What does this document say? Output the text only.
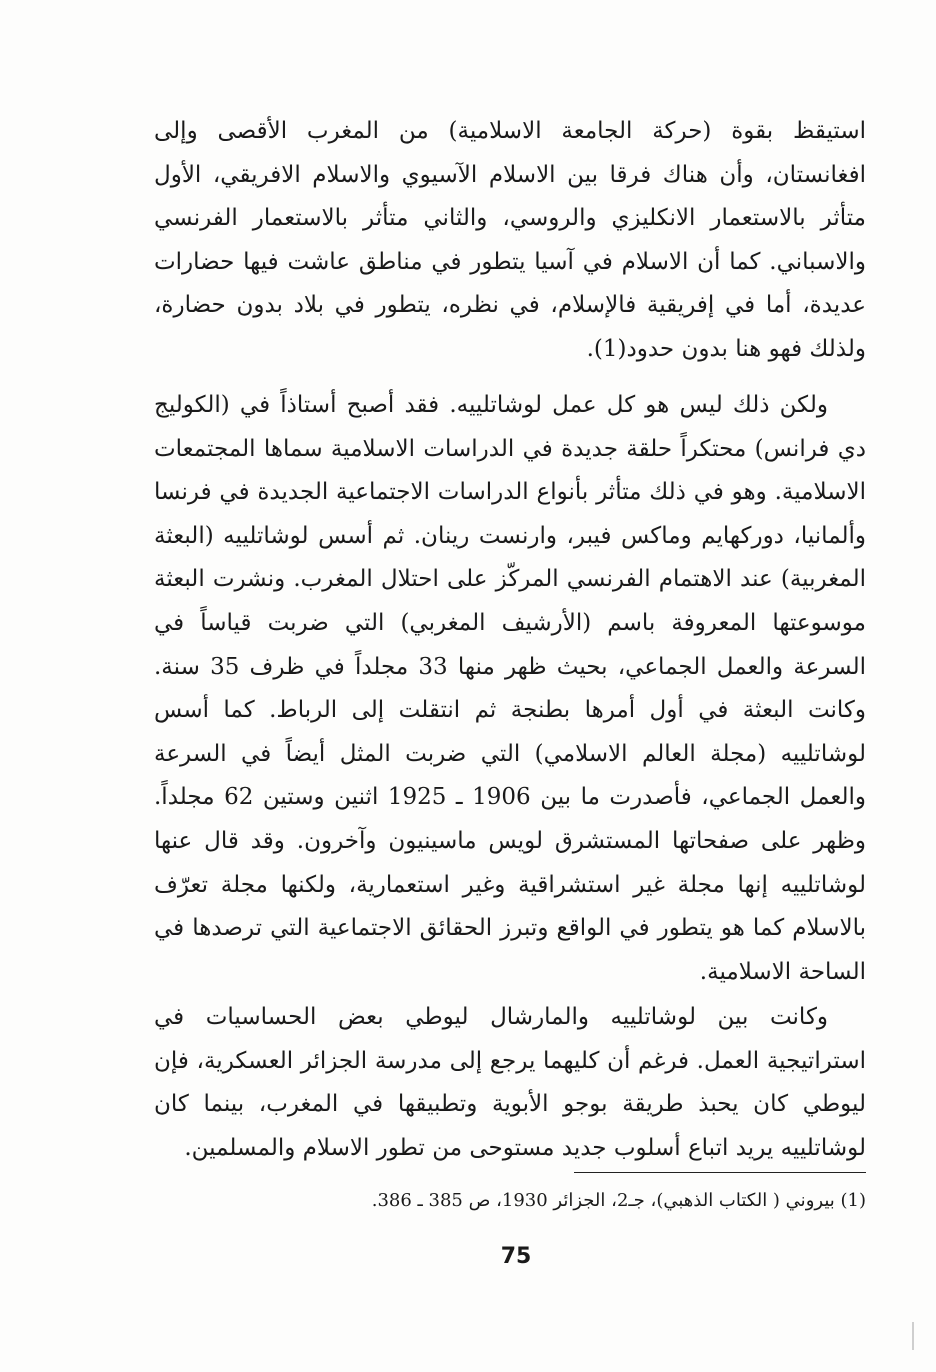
استيقظ بقوة (حركة الجامعة الاسلامية) من المغرب الأقصى وإلى افغانستان، وأن هناك فرقا بين الاسلام الآسيوي والاسلام الافريقي، الأول متأثر بالاستعمار الانكليزي والروسي، والثاني متأثر بالاستعمار الفرنسي والاسباني. كما أن الاسلام في آسيا يتطور في مناطق عاشت فيها حضارات عديدة، أما في إفريقية فالإسلام، في نظره، يتطور في بلاد بدون حضارة، ولذلك فهو هنا بدون حدود(1).

ولكن ذلك ليس هو كل عمل لوشاتلييه. فقد أصبح أستاذاً في (الكوليج دي فرانس) محتكراً حلقة جديدة في الدراسات الاسلامية سماها المجتمعات الاسلامية. وهو في ذلك متأثر بأنواع الدراسات الاجتماعية الجديدة في فرنسا وألمانيا، دوركهايم وماكس فيبر، وارنست رينان. ثم أسس لوشاتلييه (البعثة المغربية) عند الاهتمام الفرنسي المركّز على احتلال المغرب. ونشرت البعثة موسوعتها المعروفة باسم (الأرشيف المغربي) التي ضربت قياساً في السرعة والعمل الجماعي، بحيث ظهر منها 33 مجلداً في ظرف 35 سنة. وكانت البعثة في أول أمرها بطنجة ثم انتقلت إلى الرباط. كما أسس لوشاتلييه (مجلة العالم الاسلامي) التي ضربت المثل أيضاً في السرعة والعمل الجماعي، فأصدرت ما بين 1906 ـ 1925 اثنين وستين 62 مجلداً. وظهر على صفحاتها المستشرق لويس ماسينيون وآخرون. وقد قال عنها لوشاتلييه إنها مجلة غير استشراقية وغير استعمارية، ولكنها مجلة تعرّف بالاسلام كما هو يتطور في الواقع وتبرز الحقائق الاجتماعية التي ترصدها في الساحة الاسلامية.

وكانت بين لوشاتلييه والمارشال ليوطي بعض الحساسيات في استراتيجية العمل. فرغم أن كليهما يرجع إلى مدرسة الجزائر العسكرية، فإن ليوطي كان يحبذ طريقة بوجو الأبوية وتطبيقها في المغرب، بينما كان لوشاتلييه يريد اتباع أسلوب جديد مستوحى من تطور الاسلام والمسلمين.

(1) بيروني ( الكتاب الذهبي)، جـ2، الجزائر 1930، ص 385 ـ 386.
75
